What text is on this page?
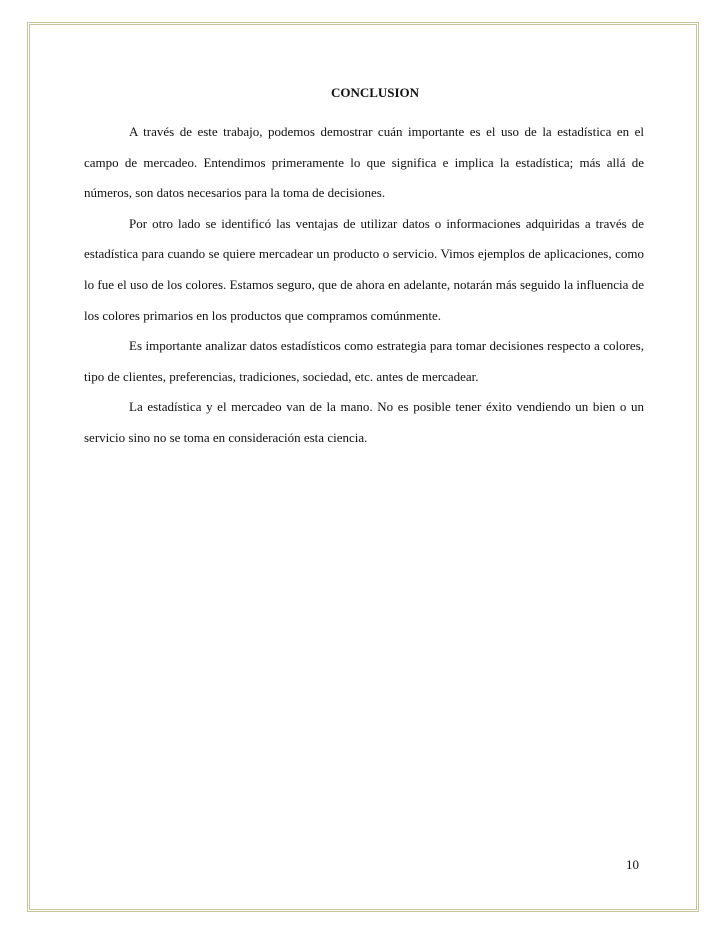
CONCLUSION

A través de este trabajo, podemos demostrar cuán importante es el uso de la estadística en el campo de mercadeo. Entendimos primeramente lo que significa e implica la estadística; más allá de números, son datos necesarios para la toma de decisiones.

Por otro lado se identificó las ventajas de utilizar datos o informaciones adquiridas a través de estadística para cuando se quiere mercadear un producto o servicio. Vimos ejemplos de aplicaciones, como lo fue el uso de los colores. Estamos seguro, que de ahora en adelante, notarán más seguido la influencia de los colores primarios en los productos que compramos comúnmente.

Es importante analizar datos estadísticos como estrategia para tomar decisiones respecto a colores, tipo de clientes, preferencias, tradiciones, sociedad, etc. antes de mercadear.

La estadística y el mercadeo van de la mano. No es posible tener éxito vendiendo un bien o un servicio sino no se toma en consideración esta ciencia.

10
